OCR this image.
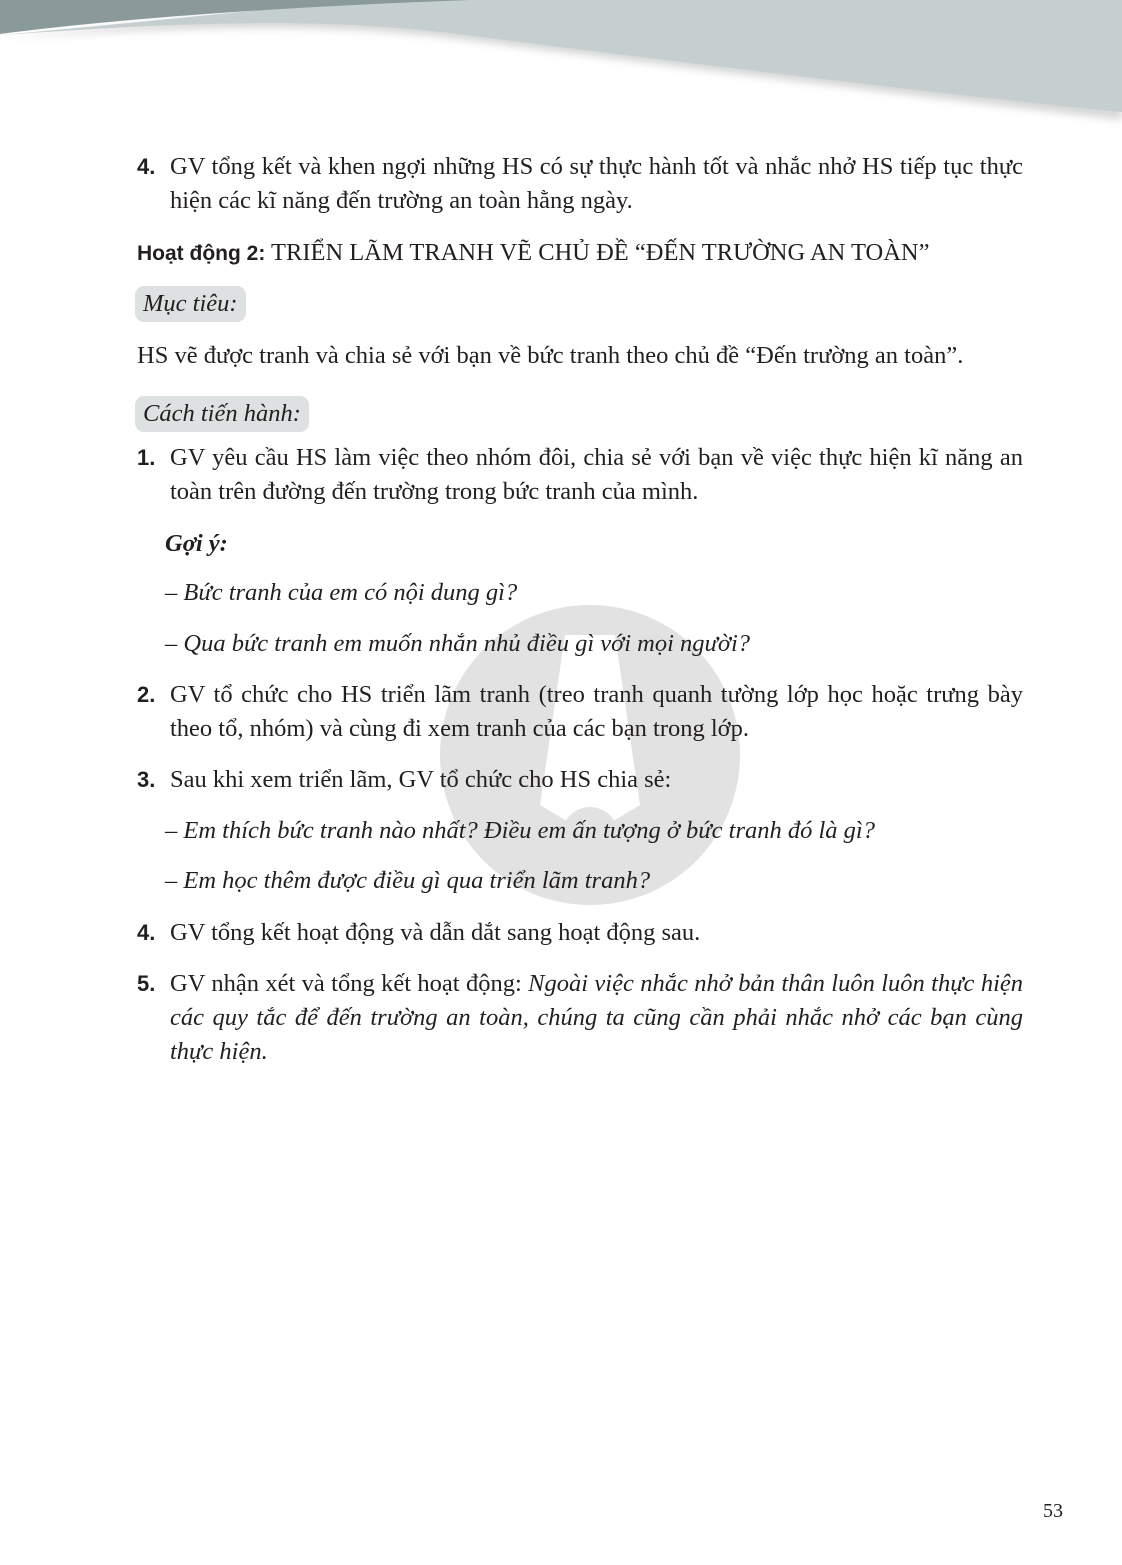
4. GV tổng kết và khen ngợi những HS có sự thực hành tốt và nhắc nhở HS tiếp tục thực hiện các kĩ năng đến trường an toàn hằng ngày.
Hoạt động 2: TRIỂN LÃM TRANH VẼ CHỦ ĐỀ “ĐẾN TRƯỜNG AN TOÀN”
Mục tiêu:
HS vẽ được tranh và chia sẻ với bạn về bức tranh theo chủ đề “Đến trường an toàn”.
Cách tiến hành:
1. GV yêu cầu HS làm việc theo nhóm đôi, chia sẻ với bạn về việc thực hiện kĩ năng an toàn trên đường đến trường trong bức tranh của mình.
Gợi ý:
– Bức tranh của em có nội dung gì?
– Qua bức tranh em muốn nhắn nhủ điều gì với mọi người?
2. GV tổ chức cho HS triển lãm tranh (treo tranh quanh tường lớp học hoặc trưng bày theo tổ, nhóm) và cùng đi xem tranh của các bạn trong lớp.
3. Sau khi xem triển lãm, GV tổ chức cho HS chia sẻ:
– Em thích bức tranh nào nhất? Điều em ấn tượng ở bức tranh đó là gì?
– Em học thêm được điều gì qua triển lãm tranh?
4. GV tổng kết hoạt động và dẫn dắt sang hoạt động sau.
5. GV nhận xét và tổng kết hoạt động: Ngoài việc nhắc nhở bản thân luôn luôn thực hiện các quy tắc để đến trường an toàn, chúng ta cũng cần phải nhắc nhở các bạn cùng thực hiện.
53
